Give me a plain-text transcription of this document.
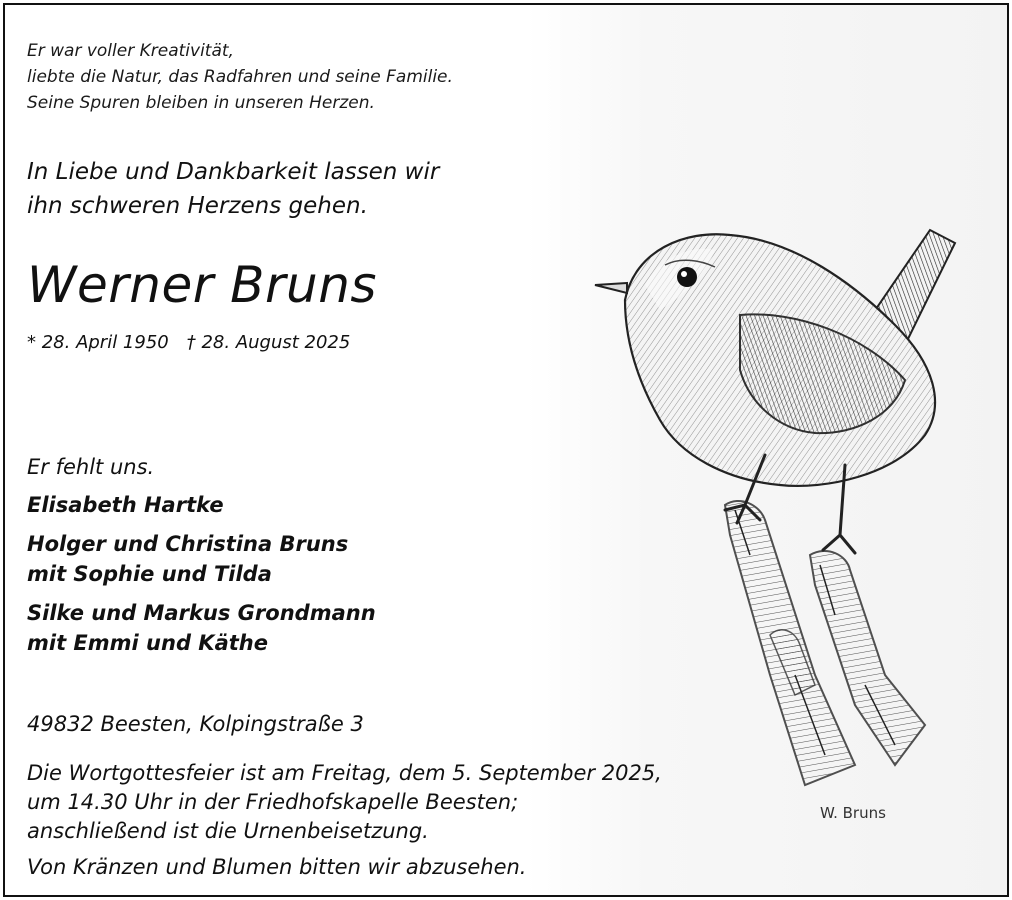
Er war voller Kreativität,
liebte die Natur, das Radfahren und seine Familie.
Seine Spuren bleiben in unseren Herzen.
In Liebe und Dankbarkeit lassen wir
ihn schweren Herzens gehen.
Werner Bruns
* 28. April 1950 † 28. August 2025
Er fehlt uns.
Elisabeth Hartke
Holger und Christina Bruns
mit Sophie und Tilda
Silke und Markus Grondmann
mit Emmi und Käthe
49832 Beesten, Kolpingstraße 3
Die Wortgottesfeier ist am Freitag, dem 5. September 2025,
um 14.30 Uhr in der Friedhofskapelle Beesten;
anschließend ist die Urnenbeisetzung.
Von Kränzen und Blumen bitten wir abzusehen.
W. Bruns
